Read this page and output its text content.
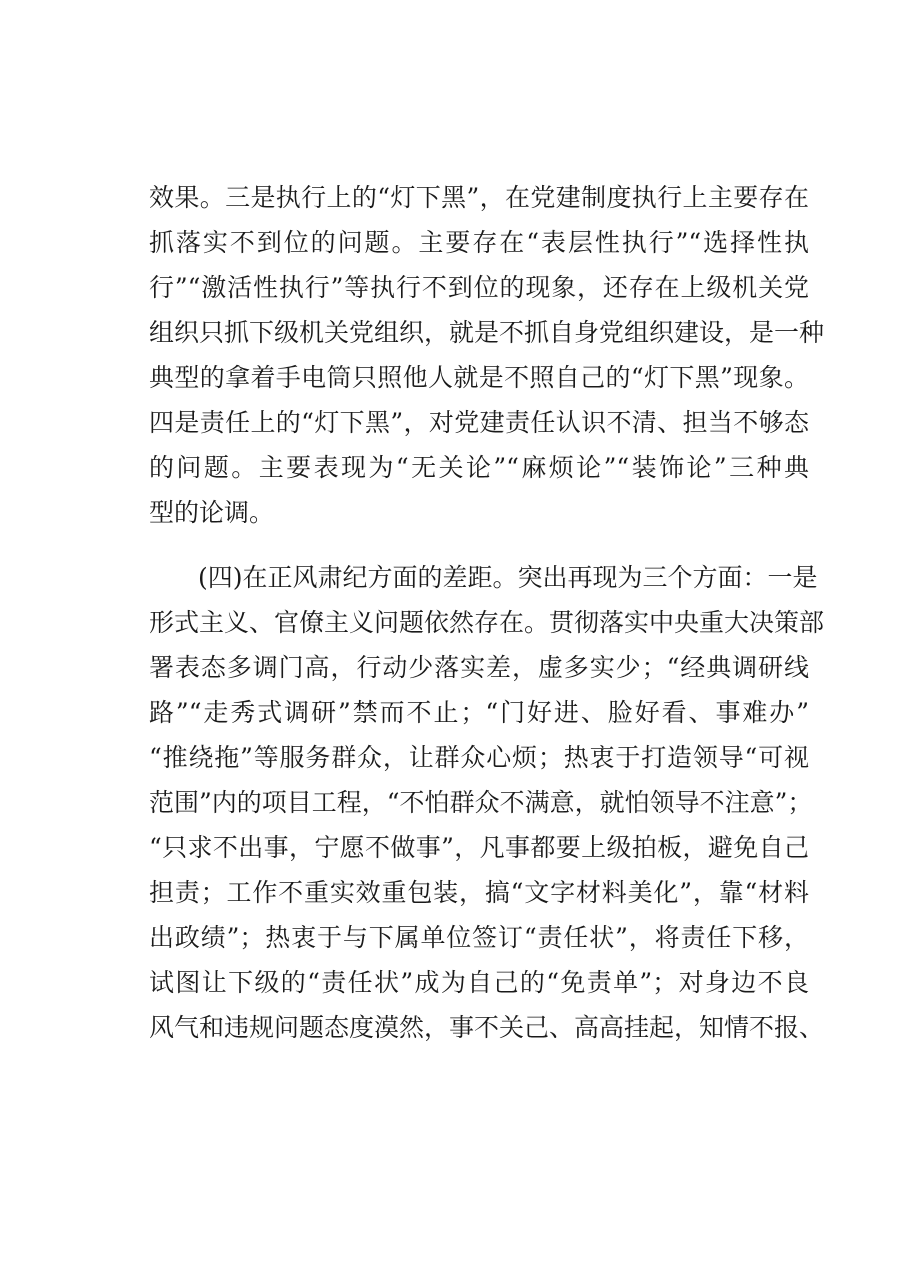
效果。三是执行上的“灯下黑”，在党建制度执行上主要存在
抓落实不到位的问题。主要存在“表层性执行”“选择性执
行”“激活性执行”等执行不到位的现象，还存在上级机关党
组织只抓下级机关党组织，就是不抓自身党组织建设，是一种
典型的拿着手电筒只照他人就是不照自己的“灯下黑”现象。
四是责任上的“灯下黑”，对党建责任认识不清、担当不够态
的问题。主要表现为“无关论”“麻烦论”“装饰论”三种典
型的论调。
(四)在正风肃纪方面的差距。突出再现为三个方面：一是
形式主义、官僚主义问题依然存在。贯彻落实中央重大决策部
署表态多调门高，行动少落实差，虚多实少；“经典调研线
路”“走秀式调研”禁而不止；“门好进、脸好看、事难办”
“推绕拖”等服务群众，让群众心烦；热衷于打造领导“可视
范围”内的项目工程，“不怕群众不满意，就怕领导不注意”；
“只求不出事，宁愿不做事”，凡事都要上级拍板，避免自己
担责；工作不重实效重包装，搞“文字材料美化”，靠“材料
出政绩”；热衷于与下属单位签订“责任状”，将责任下移，
试图让下级的“责任状”成为自己的“免责单”；对身边不良
风气和违规问题态度漠然，事不关己、高高挂起，知情不报、
